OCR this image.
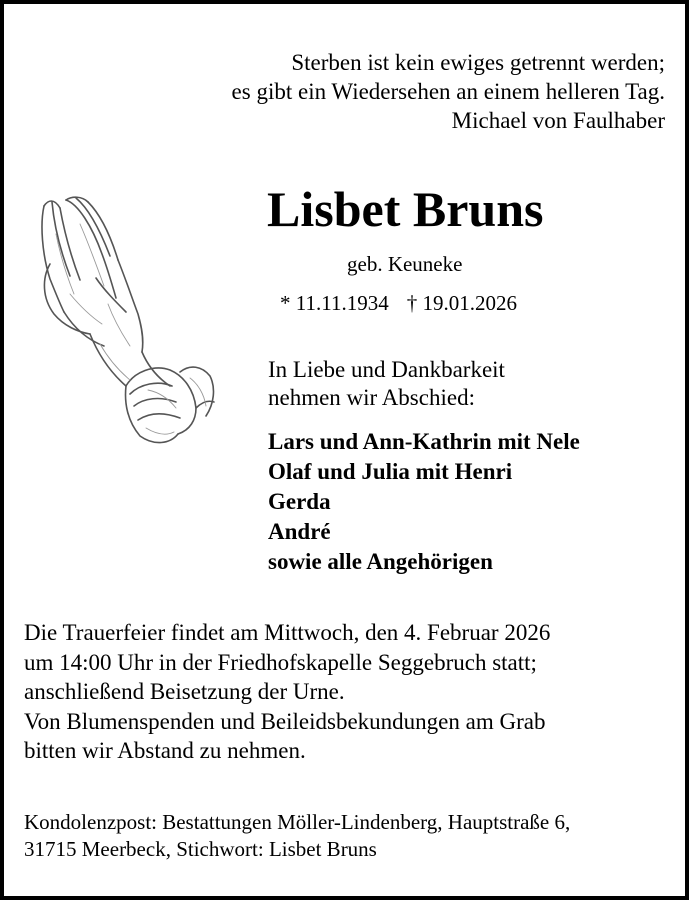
Sterben ist kein ewiges getrennt werden;
es gibt ein Wiedersehen an einem helleren Tag.
Michael von Faulhaber
Lisbet Bruns
geb. Keuneke
* 11.11.1934 † 19.01.2026
In Liebe und Dankbarkeit
nehmen wir Abschied:
Lars und Ann-Kathrin mit Nele
Olaf und Julia mit Henri
Gerda
André
sowie alle Angehörigen
Die Trauerfeier findet am Mittwoch, den 4. Februar 2026
um 14:00 Uhr in der Friedhofskapelle Seggebruch statt;
anschließend Beisetzung der Urne.
Von Blumenspenden und Beileidsbekundungen am Grab
bitten wir Abstand zu nehmen.
Kondolenzpost: Bestattungen Möller-Lindenberg, Hauptstraße 6,
31715 Meerbeck, Stichwort: Lisbet Bruns
